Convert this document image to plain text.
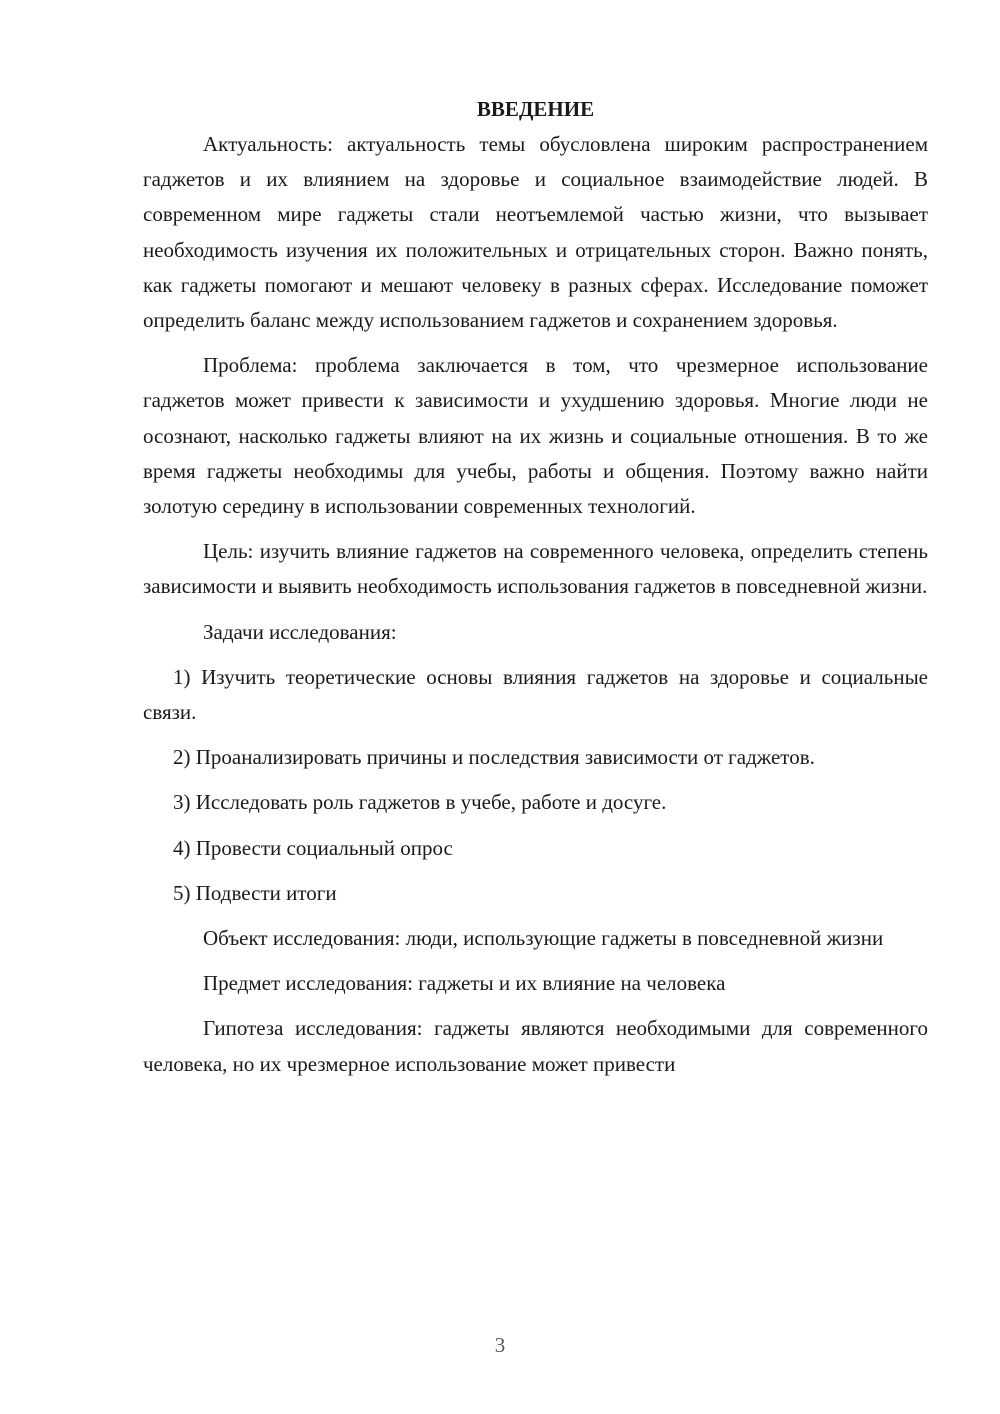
ВВЕДЕНИЕ

Актуальность: актуальность темы обусловлена широким распространением гаджетов и их влиянием на здоровье и социальное взаимодействие людей. В современном мире гаджеты стали неотъемлемой частью жизни, что вызывает необходимость изучения их положительных и отрицательных сторон. Важно понять, как гаджеты помогают и мешают человеку в разных сферах. Исследование поможет определить баланс между использованием гаджетов и сохранением здоровья.

Проблема: проблема заключается в том, что чрезмерное использование гаджетов может привести к зависимости и ухудшению здоровья. Многие люди не осознают, насколько гаджеты влияют на их жизнь и социальные отношения. В то же время гаджеты необходимы для учебы, работы и общения. Поэтому важно найти золотую середину в использовании современных технологий.

Цель: изучить влияние гаджетов на современного человека, определить степень зависимости и выявить необходимость использования гаджетов в повседневной жизни.

Задачи исследования:

1) Изучить теоретические основы влияния гаджетов на здоровье и социальные связи.

2) Проанализировать причины и последствия зависимости от гаджетов.

3) Исследовать роль гаджетов в учебе, работе и досуге.

4) Провести социальный опрос

5) Подвести итоги

Объект исследования: люди, использующие гаджеты в повседневной жизни

Предмет исследования: гаджеты и их влияние на человека

Гипотеза исследования: гаджеты являются необходимыми для современного человека, но их чрезмерное использование может привести

3
